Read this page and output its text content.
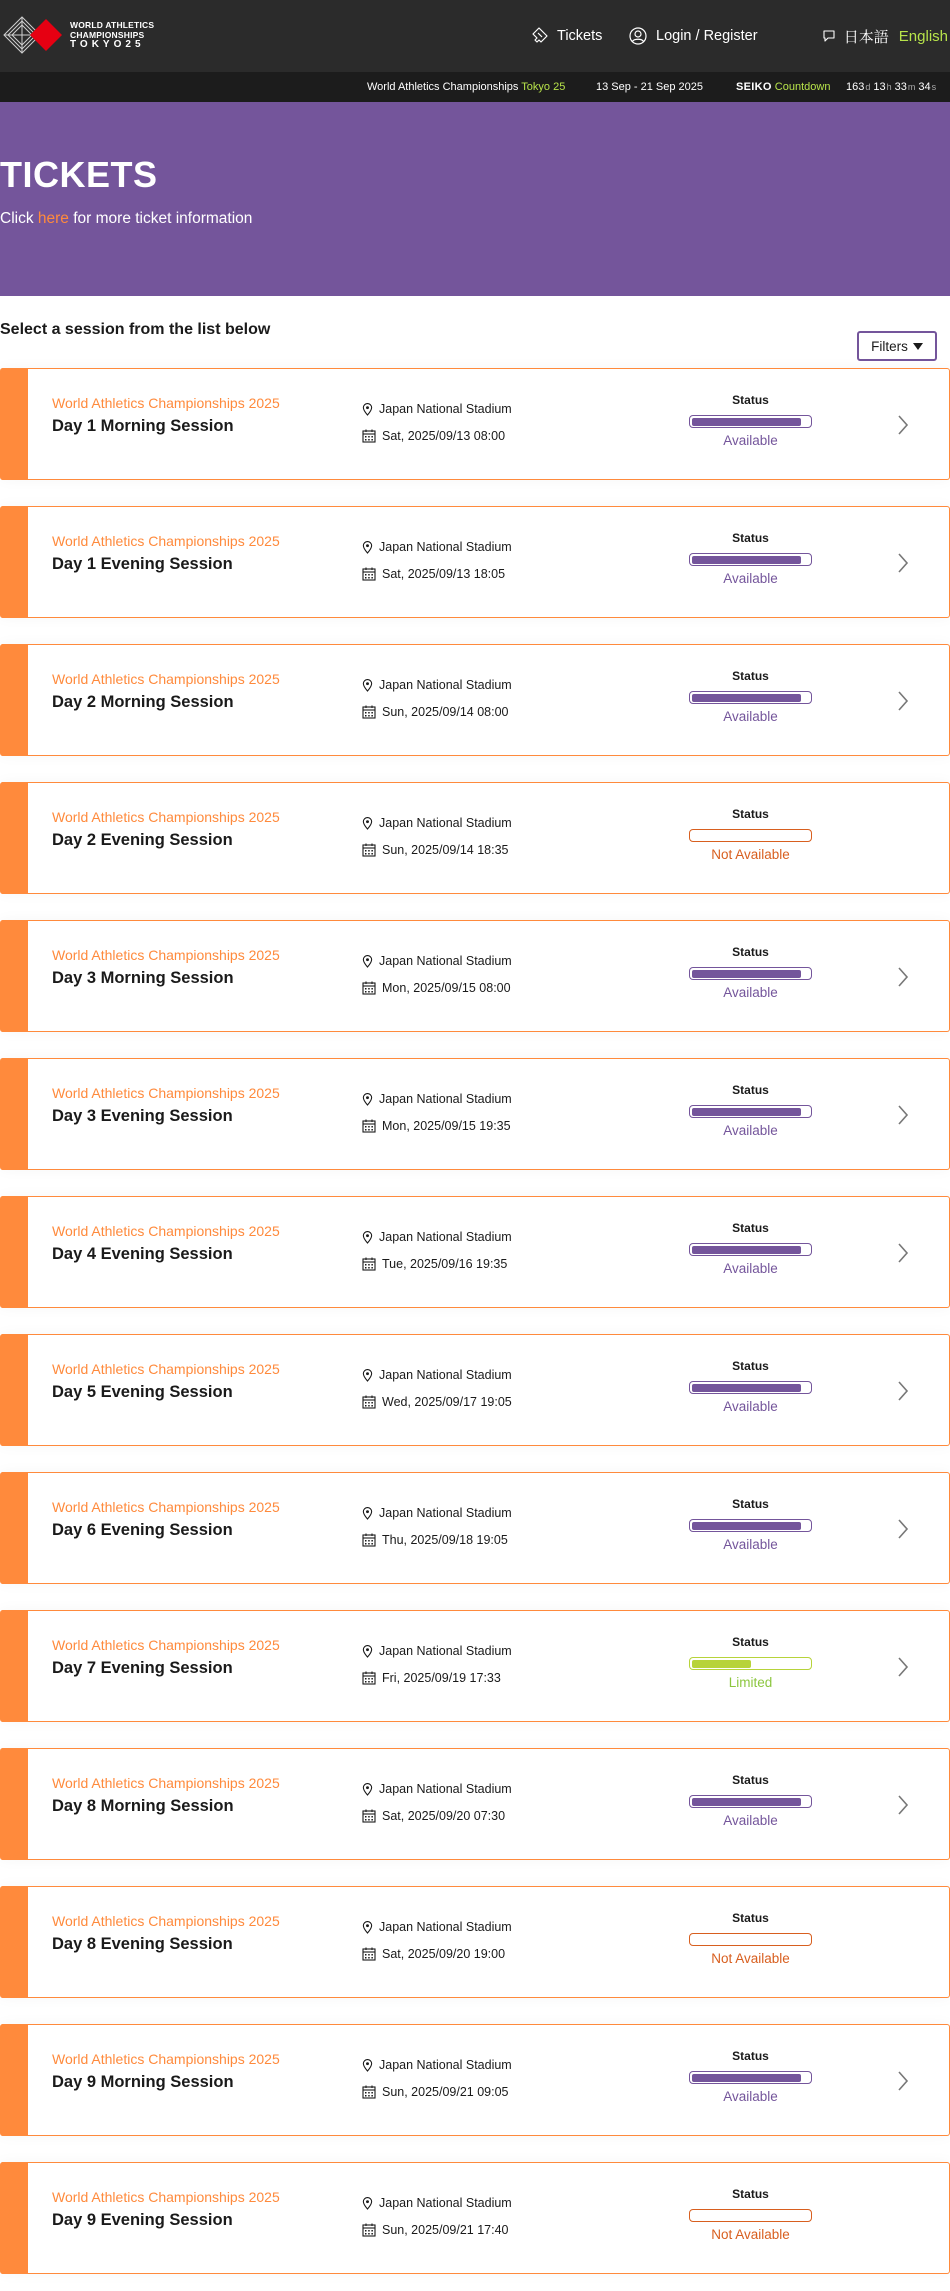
WORLD ATHLETICS
CHAMPIONSHIPS
TOKYO25
Tickets	Login / Register	日本語 English
World Athletics Championships Tokyo 25	13 Sep - 21 Sep 2025	SEIKO Countdown 163d 13h 33m 34s
TICKETS

Click here for more ticket information

Select a session from the list below
Filters
World Athletics Championships 2025
Day 1 Morning Session
Japan National Stadium
Sat, 2025/09/13 08:00
Status
Available
World Athletics Championships 2025
Day 1 Evening Session
Japan National Stadium
Sat, 2025/09/13 18:05
Status
Available
World Athletics Championships 2025
Day 2 Morning Session
Japan National Stadium
Sun, 2025/09/14 08:00
Status
Available
World Athletics Championships 2025
Day 2 Evening Session
Japan National Stadium
Sun, 2025/09/14 18:35
Status
Not Available
World Athletics Championships 2025
Day 3 Morning Session
Japan National Stadium
Mon, 2025/09/15 08:00
Status
Available
World Athletics Championships 2025
Day 3 Evening Session
Japan National Stadium
Mon, 2025/09/15 19:35
Status
Available
World Athletics Championships 2025
Day 4 Evening Session
Japan National Stadium
Tue, 2025/09/16 19:35
Status
Available
World Athletics Championships 2025
Day 5 Evening Session
Japan National Stadium
Wed, 2025/09/17 19:05
Status
Available
World Athletics Championships 2025
Day 6 Evening Session
Japan National Stadium
Thu, 2025/09/18 19:05
Status
Available
World Athletics Championships 2025
Day 7 Evening Session
Japan National Stadium
Fri, 2025/09/19 17:33
Status
Limited
World Athletics Championships 2025
Day 8 Morning Session
Japan National Stadium
Sat, 2025/09/20 07:30
Status
Available
World Athletics Championships 2025
Day 8 Evening Session
Japan National Stadium
Sat, 2025/09/20 19:00
Status
Not Available
World Athletics Championships 2025
Day 9 Morning Session
Japan National Stadium
Sun, 2025/09/21 09:05
Status
Available
World Athletics Championships 2025
Day 9 Evening Session
Japan National Stadium
Sun, 2025/09/21 17:40
Status
Not Available
